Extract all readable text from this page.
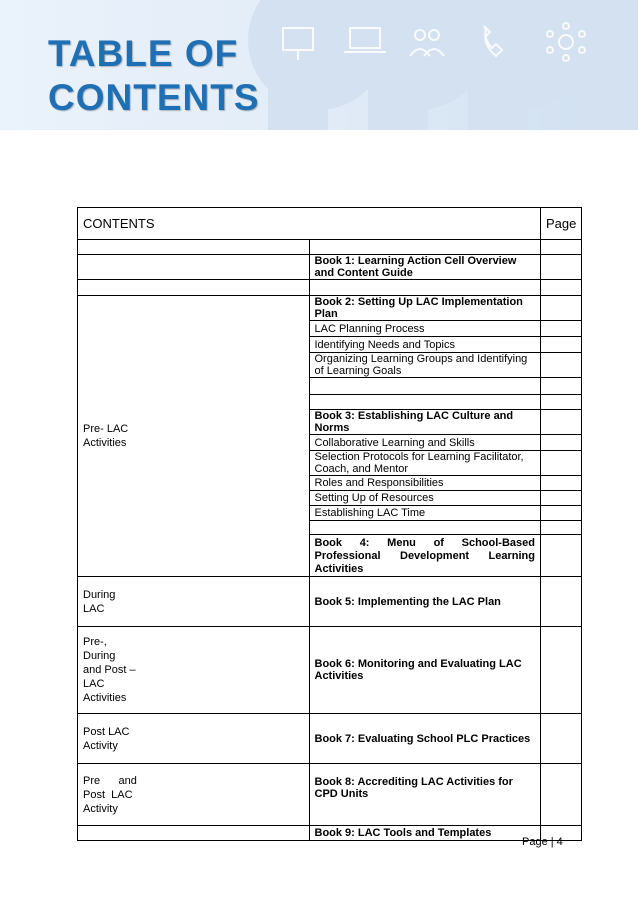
TABLE OF
CONTENTS
CONTENTS		Page

	Book 1: Learning Action Cell Overview and Content Guide	

Pre- LAC
Activities	Book 2: Setting Up LAC Implementation Plan	
	LAC Planning Process	
	Identifying Needs and Topics	
	Organizing Learning Groups and Identifying of Learning Goals	

	Book 3: Establishing LAC Culture and Norms	
	Collaborative Learning and Skills	
	Selection Protocols for Learning Facilitator, Coach, and Mentor	
	Roles and Responsibilities	
	Setting Up of Resources	
	Establishing LAC Time	

	Book 4: Menu of School-Based Professional Development Learning Activities	
During
LAC	Book 5: Implementing the LAC Plan	
Pre-,
During
and Post –
LAC
Activities	Book 6: Monitoring and Evaluating LAC Activities	
Post LAC
Activity	Book 7: Evaluating School PLC Practices	
Pre      and
Post  LAC
Activity	Book 8: Accrediting LAC Activities for CPD Units	
	Book 9: LAC Tools and Templates	
Page | 4
